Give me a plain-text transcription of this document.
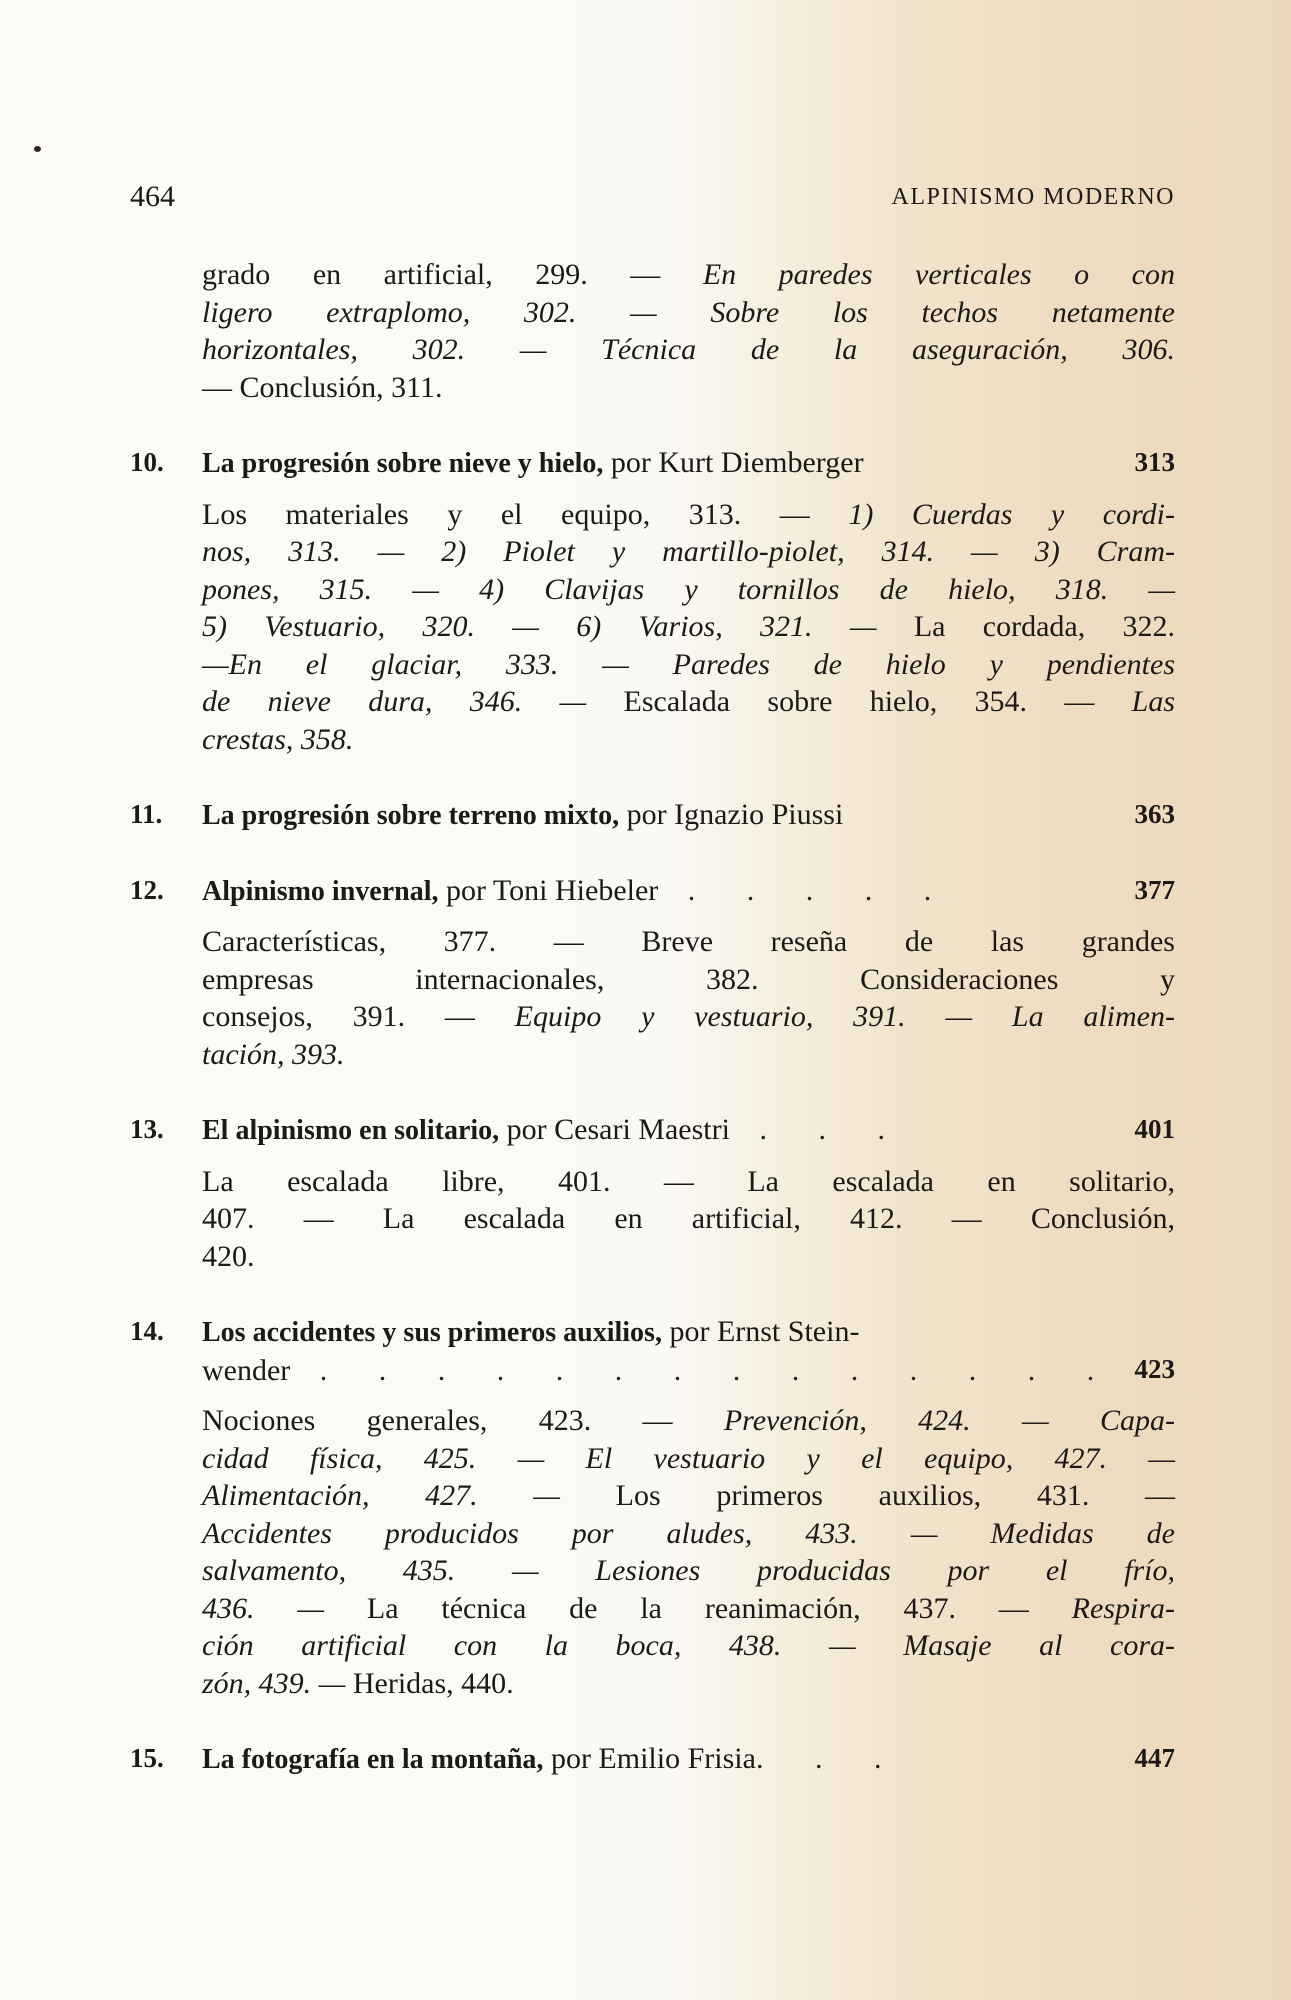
464	ALPINISMO MODERNO
grado en artificial, 299. — En paredes verticales o con
ligero extraplomo, 302. — Sobre los techos netamente
horizontales, 302. — Técnica de la aseguración, 306.
— Conclusión, 311.
10. La progresión sobre nieve y hielo, por Kurt Diemberger	313
Los materiales y el equipo, 313. — 1) Cuerdas y cordi-
nos, 313. — 2) Piolet y martillo-piolet, 314. — 3) Cram-
pones, 315. — 4) Clavijas y tornillos de hielo, 318. —
5) Vestuario, 320. — 6) Varios, 321. — La cordada, 322.
—En el glaciar, 333. — Paredes de hielo y pendientes
de nieve dura, 346. — Escalada sobre hielo, 354. — Las
crestas, 358.
11. La progresión sobre terreno mixto, por Ignazio Piussi	363
12. Alpinismo invernal, por Toni Hiebeler . . . . .	377
Características, 377. — Breve reseña de las grandes
empresas internacionales, 382. Consideraciones y
consejos, 391. — Equipo y vestuario, 391. — La alimen-
tación, 393.
13. El alpinismo en solitario, por Cesari Maestri . . .	401
La escalada libre, 401. — La escalada en solitario,
407. — La escalada en artificial, 412. — Conclusión,
420.
14. Los accidentes y sus primeros auxilios, por Ernst Stein-
wender . . . . . . . . . . . . . . 423
Nociones generales, 423. — Prevención, 424. — Capa-
cidad física, 425. — El vestuario y el equipo, 427. —
Alimentación, 427. — Los primeros auxilios, 431. —
Accidentes producidos por aludes, 433. — Medidas de
salvamento, 435. — Lesiones producidas por el frío,
436. — La técnica de la reanimación, 437. — Respira-
ción artificial con la boca, 438. — Masaje al cora-
zón, 439. — Heridas, 440.
15. La fotografía en la montaña, por Emilio Frisia. . .	447
